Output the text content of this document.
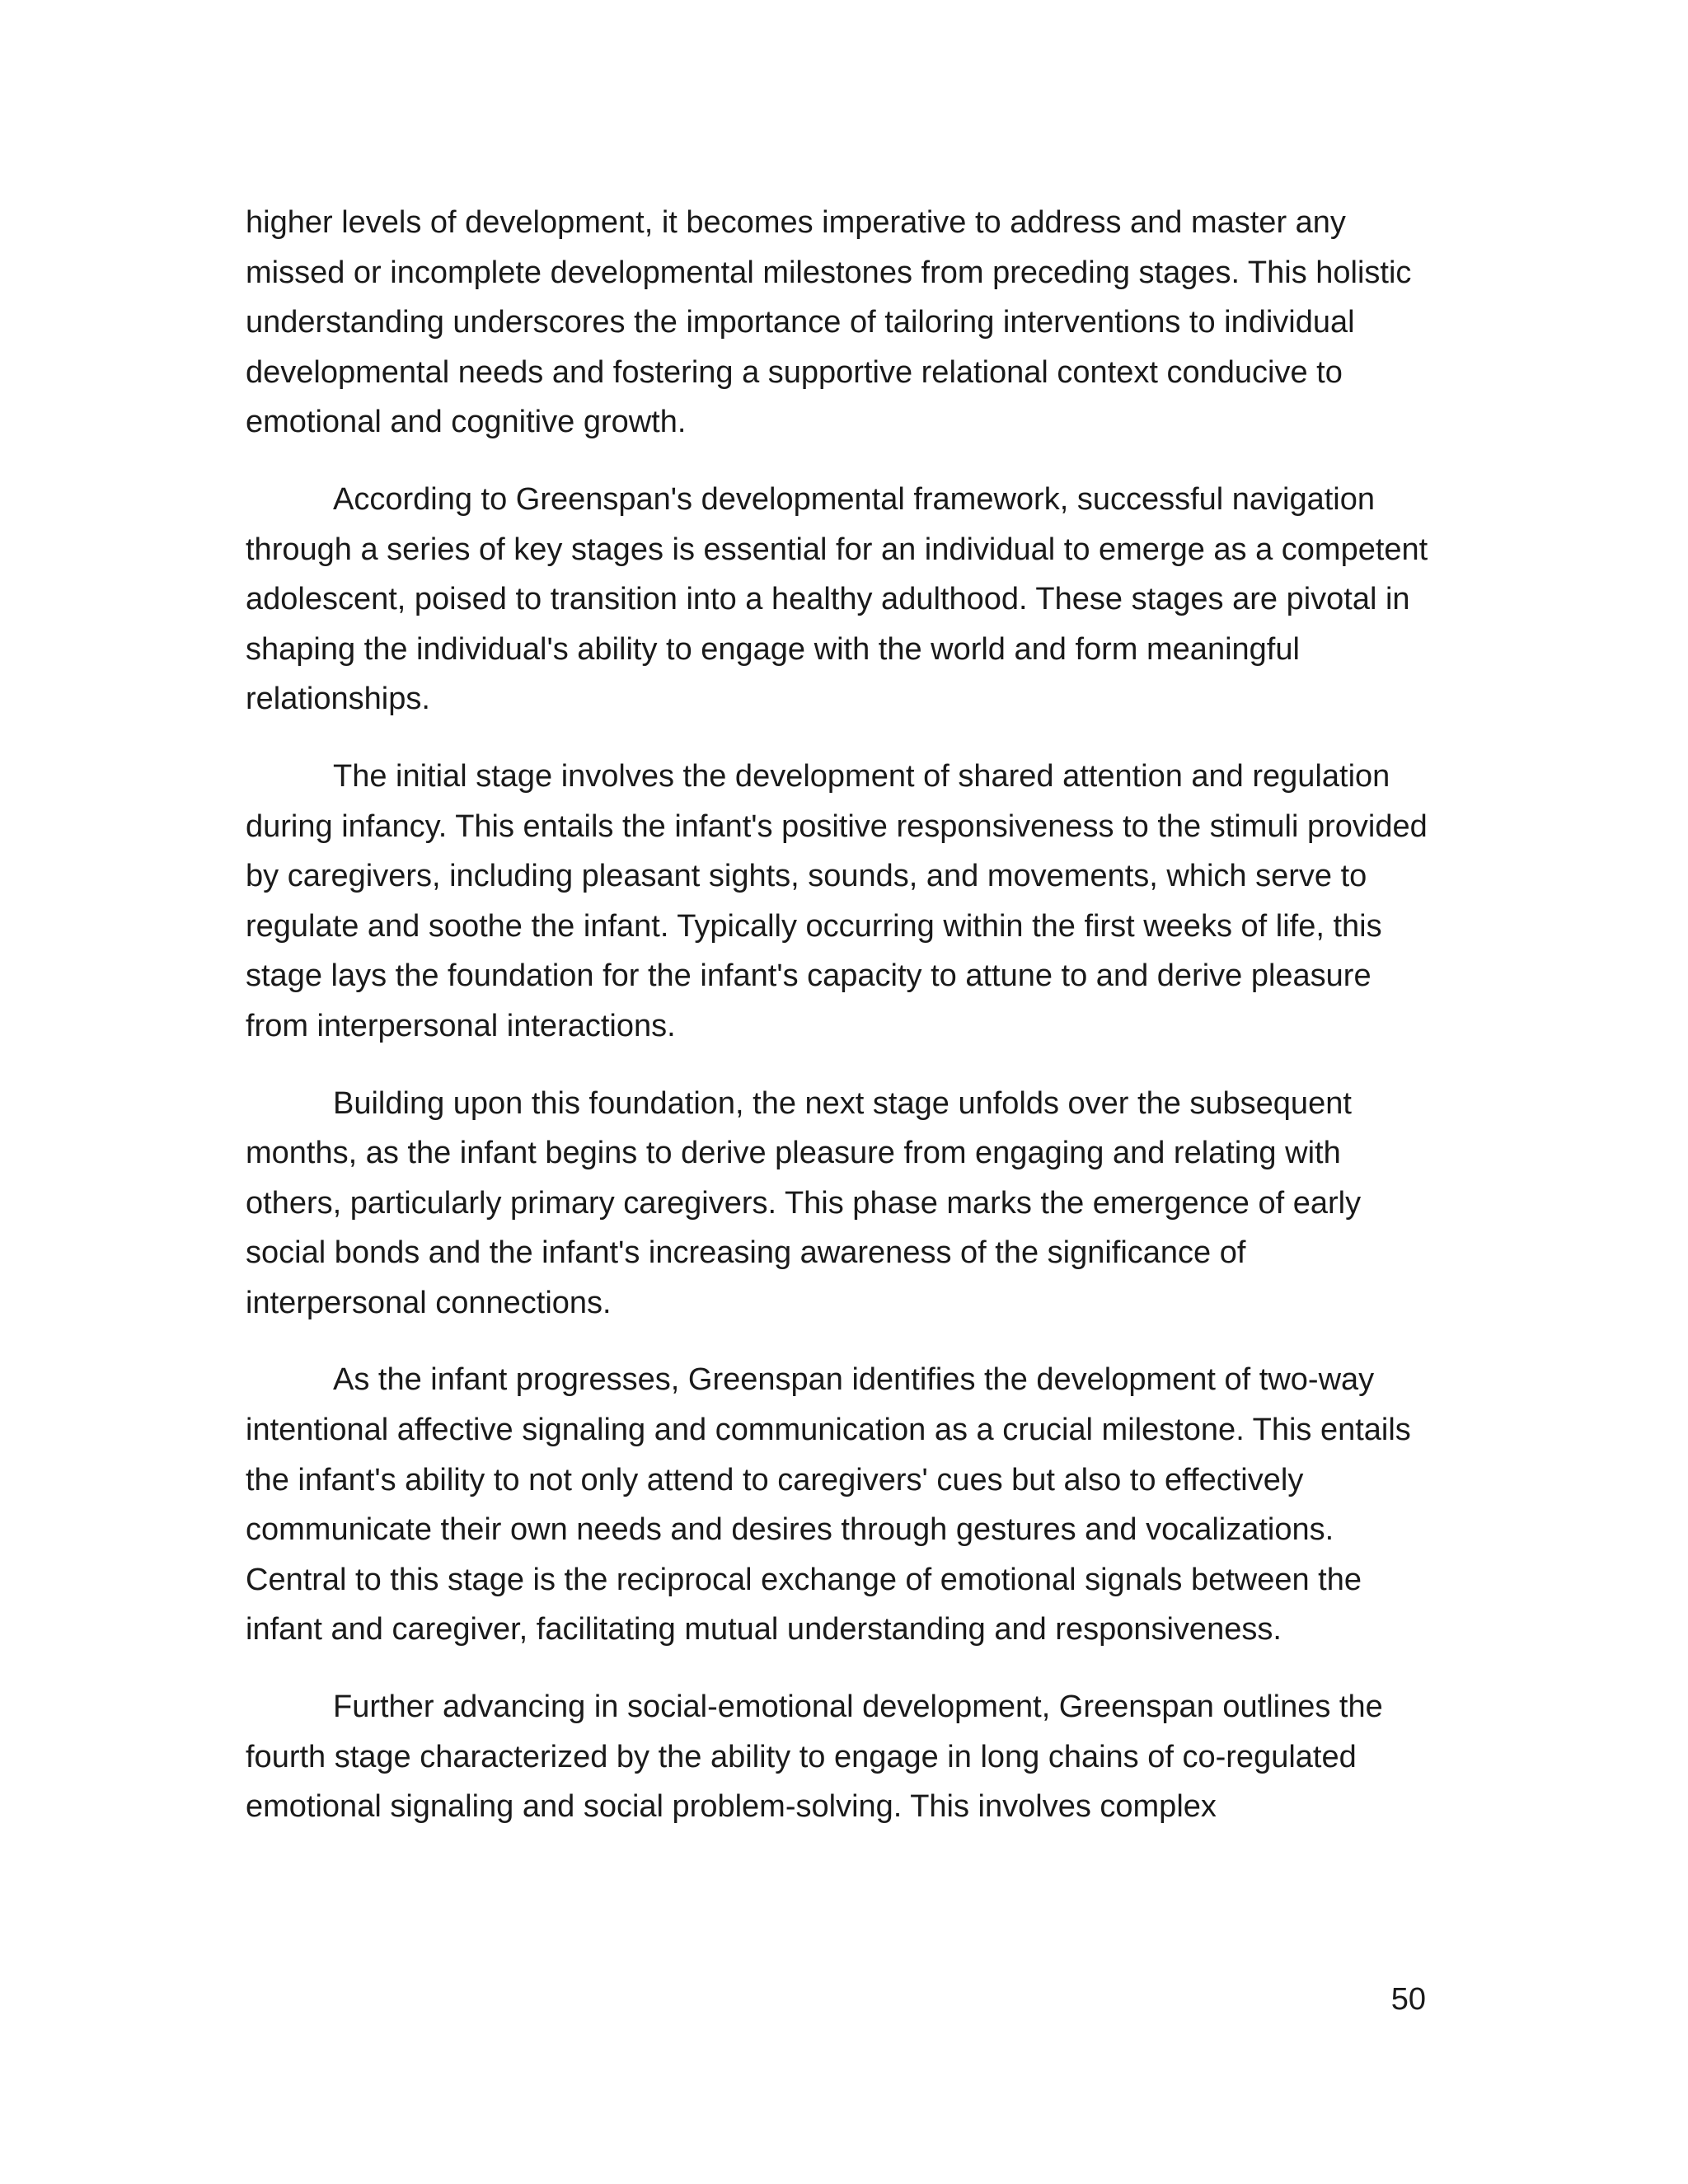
higher levels of development, it becomes imperative to address and master any missed or incomplete developmental milestones from preceding stages. This holistic understanding underscores the importance of tailoring interventions to individual developmental needs and fostering a supportive relational context conducive to emotional and cognitive growth.

According to Greenspan's developmental framework, successful navigation through a series of key stages is essential for an individual to emerge as a competent adolescent, poised to transition into a healthy adulthood. These stages are pivotal in shaping the individual's ability to engage with the world and form meaningful relationships.

The initial stage involves the development of shared attention and regulation during infancy. This entails the infant's positive responsiveness to the stimuli provided by caregivers, including pleasant sights, sounds, and movements, which serve to regulate and soothe the infant. Typically occurring within the first weeks of life, this stage lays the foundation for the infant's capacity to attune to and derive pleasure from interpersonal interactions.

Building upon this foundation, the next stage unfolds over the subsequent months, as the infant begins to derive pleasure from engaging and relating with others, particularly primary caregivers. This phase marks the emergence of early social bonds and the infant's increasing awareness of the significance of interpersonal connections.

As the infant progresses, Greenspan identifies the development of two-way intentional affective signaling and communication as a crucial milestone. This entails the infant's ability to not only attend to caregivers' cues but also to effectively communicate their own needs and desires through gestures and vocalizations. Central to this stage is the reciprocal exchange of emotional signals between the infant and caregiver, facilitating mutual understanding and responsiveness.

Further advancing in social-emotional development, Greenspan outlines the fourth stage characterized by the ability to engage in long chains of co-regulated emotional signaling and social problem-solving. This involves complex

50
